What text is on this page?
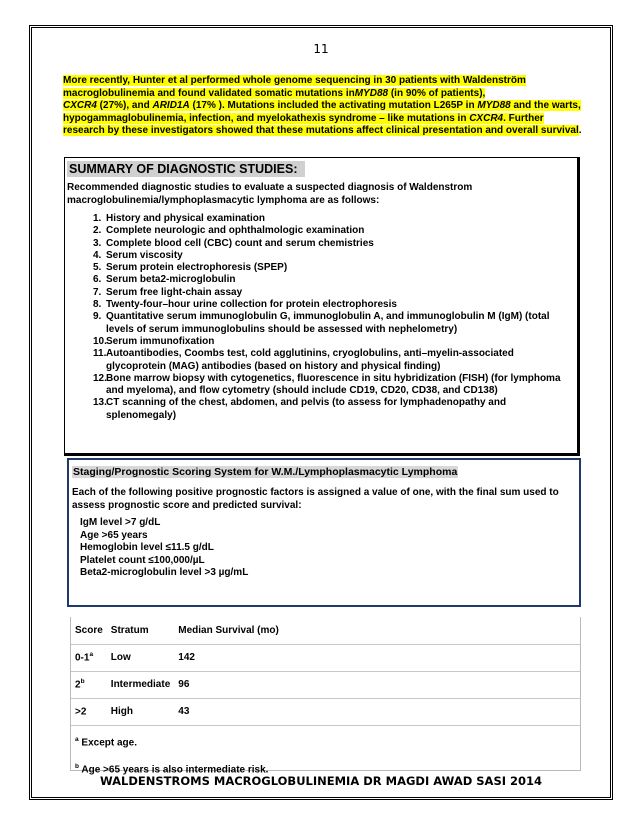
11
More recently, Hunter et al performed whole genome sequencing in 30 patients with Waldenström macroglobulinemia and found validated somatic mutations inMYD88 (in 90% of patients),
CXCR4 (27%), and ARID1A (17% ). Mutations included the activating mutation L265P in MYD88 and the warts, hypogammaglobulinemia, infection, and myelokathexis syndrome – like mutations in CXCR4. Further research by these investigators showed that these mutations affect clinical presentation and overall survival.
SUMMARY OF DIAGNOSTIC STUDIES:
Recommended diagnostic studies to evaluate a suspected diagnosis of Waldenstrom macroglobulinemia/lymphoplasmacytic lymphoma are as follows:
1. History and physical examination
2. Complete neurologic and ophthalmologic examination
3. Complete blood cell (CBC) count and serum chemistries
4. Serum viscosity
5. Serum protein electrophoresis (SPEP)
6. Serum beta2-microglobulin
7. Serum free light-chain assay
8. Twenty-four–hour urine collection for protein electrophoresis
9. Quantitative serum immunoglobulin G, immunoglobulin A, and immunoglobulin M (IgM) (total levels of serum immunoglobulins should be assessed with nephelometry)
10. Serum immunofixation
11. Autoantibodies, Coombs test, cold agglutinins, cryoglobulins, anti–myelin-associated glycoprotein (MAG) antibodies (based on history and physical finding)
12. Bone marrow biopsy with cytogenetics, fluorescence in situ hybridization (FISH) (for lymphoma and myeloma), and flow cytometry (should include CD19, CD20, CD38, and CD138)
13. CT scanning of the chest, abdomen, and pelvis (to assess for lymphadenopathy and splenomegaly)
Staging/Prognostic Scoring System for W.M./Lymphoplasmacytic Lymphoma
Each of the following positive prognostic factors is assigned a value of one, with the final sum used to assess prognostic score and predicted survival:
IgM level >7 g/dL
Age >65 years
Hemoglobin level ≤11.5 g/dL
Platelet count ≤100,000/µL
Beta2-microglobulin level >3 µg/mL
Score	Stratum	Median Survival (mo)
0-1$^a$	Low	142
2$^b$	Intermediate	96
>2	High	43
$^a$ Except age.
$^b$ Age >65 years is also intermediate risk.
WALDENSTROMS MACROGLOBULINEMIA DR MAGDI AWAD SASI 2014
